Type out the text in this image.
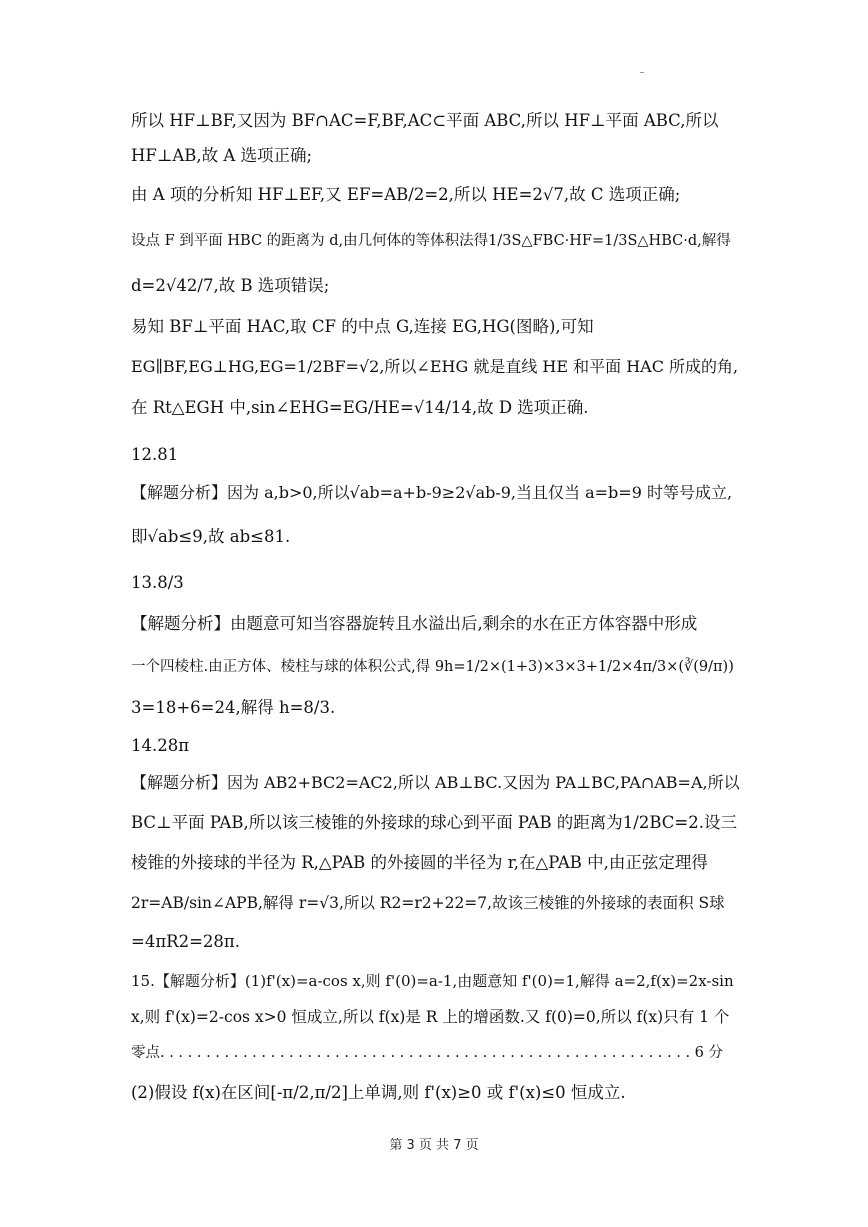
所以 HF⊥BF,又因为 BF∩AC=F,BF,AC⊂平面 ABC,所以 HF⊥平面 ABC,所以
HF⊥AB,故 A 选项正确;
由 A 项的分析知 HF⊥EF,又 EF=AB/2=2,所以 HE=2√7,故 C 选项正确;
设点 F 到平面 HBC 的距离为 d,由几何体的等体积法得1/3S△FBC·HF=1/3S△HBC·d,解得
d=2√42/7,故 B 选项错误;
易知 BF⊥平面 HAC,取 CF 的中点 G,连接 EG,HG(图略),可知
EG∥BF,EG⊥HG,EG=1/2BF=√2,所以∠EHG 就是直线 HE 和平面 HAC 所成的角,
在 Rt△EGH 中,sin∠EHG=EG/HE=√14/14,故 D 选项正确.
12.81
【解题分析】因为 a,b>0,所以√ab=a+b-9≥2√ab-9,当且仅当 a=b=9 时等号成立,
即√ab≤9,故 ab≤81.
13.8/3
【解题分析】由题意可知当容器旋转且水溢出后,剩余的水在正方体容器中形成
一个四棱柱.由正方体、棱柱与球的体积公式,得 9h=1/2×(1+3)×3×3+1/2×4π/3×(∛(9/π))
3=18+6=24,解得 h=8/3.
14.28π
【解题分析】因为 AB2+BC2=AC2,所以 AB⊥BC.又因为 PA⊥BC,PA∩AB=A,所以
BC⊥平面 PAB,所以该三棱锥的外接球的球心到平面 PAB 的距离为1/2BC=2.设三
棱锥的外接球的半径为 R,△PAB 的外接圆的半径为 r,在△PAB 中,由正弦定理得
2r=AB/sin∠APB,解得 r=√3,所以 R2=r2+22=7,故该三棱锥的外接球的表面积 S球
=4πR2=28π.
15.【解题分析】(1)f'(x)=a-cos x,则 f'(0)=a-1,由题意知 f'(0)=1,解得 a=2,f(x)=2x-sin
x,则 f'(x)=2-cos x>0 恒成立,所以 f(x)是 R 上的增函数.又 f(0)=0,所以 f(x)只有 1 个
零点. . . . . . . . . . . . . . . . . . . . . . . . . . . . . . . . . . . . . . . . . . . . . . . . . . . . . . . . . . 6 分
(2)假设 f(x)在区间[-π/2,π/2]上单调,则 f'(x)≥0 或 f'(x)≤0 恒成立.
第 3 页 共 7 页
